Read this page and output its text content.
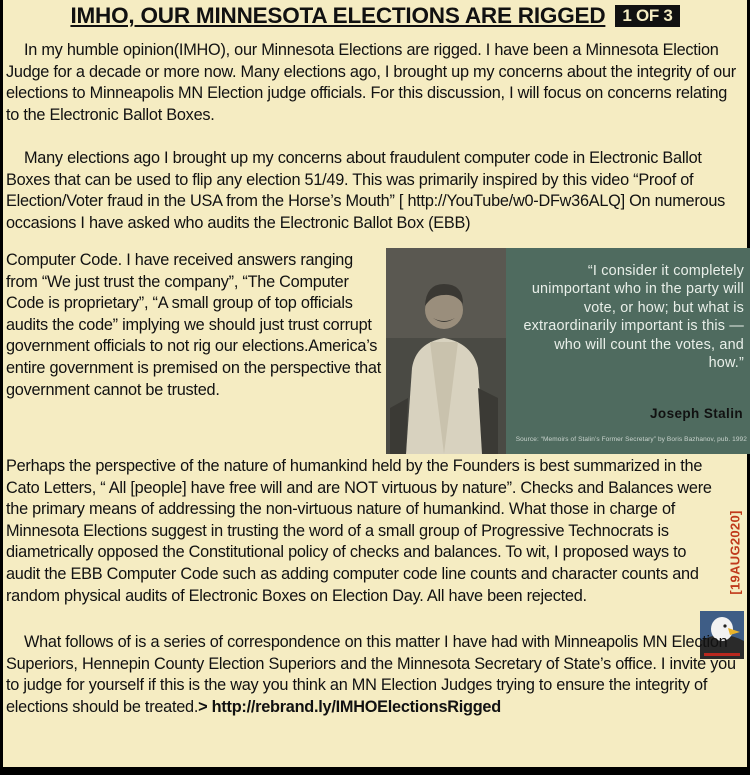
IMHO, OUR MINNESOTA ELECTIONS ARE RIGGED	1 OF 3

In my humble opinion(IMHO), our Minnesota Elections are rigged. I have been a Minnesota Election Judge for a decade or more now. Many elections ago, I brought up my concerns about the integrity of our elections to Minneapolis MN Election judge officials. For this discussion, I will focus on concerns relating to the Electronic Ballot Boxes.

Many elections ago I brought up my concerns about fraudulent computer code in Electronic Ballot Boxes that can be used to flip any election 51/49. This was primarily inspired by this video “Proof of Election/Voter fraud in the USA from the Horse’s Mouth” [ http://YouTube/w0-DFw36ALQ] On numerous occasions I have asked who audits the Electronic Ballot Box (EBB)

Computer Code. I have received answers ranging from “We just trust the company”, “The Computer Code is proprietary”, “A small group of top officials audits the code” implying we should just trust corrupt government officials to not rig our elections.America’s entire government is premised on the perspective that government cannot be trusted.
“I consider it completely unimportant who in the party will vote, or how; but what is extraordinarily important is this — who will count the votes, and how.”
Joseph Stalin
Source: “Memoirs of Stalin’s Former Secretary” by Boris Bazhanov, pub. 1992

Perhaps the perspective of the nature of humankind held by the Founders is best summarized in the Cato Letters, “ All [people] have free will and are NOT virtuous by nature”. Checks and Balances were the primary means of addressing the non-virtuous nature of humankind. What those in charge of Minnesota Elections suggest in trusting the word of a small group of Progressive Technocrats is diametrically opposed the Constitutional policy of checks and balances. To wit, I proposed ways to audit the EBB Computer Code such as adding computer code line counts and character counts and random physical audits of Electronic Boxes on Election Day. All have been rejected.

[19AUG2020]

What follows of is a series of correspondence on this matter I have had with Minneapolis MN Election Superiors, Hennepin County Election Superiors and the Minnesota Secretary of State’s office. I invite you to judge for yourself if this is the way you think an MN Election Judges trying to ensure the integrity of elections should be treated.> http://rebrand.ly/IMHOElectionsRigged
